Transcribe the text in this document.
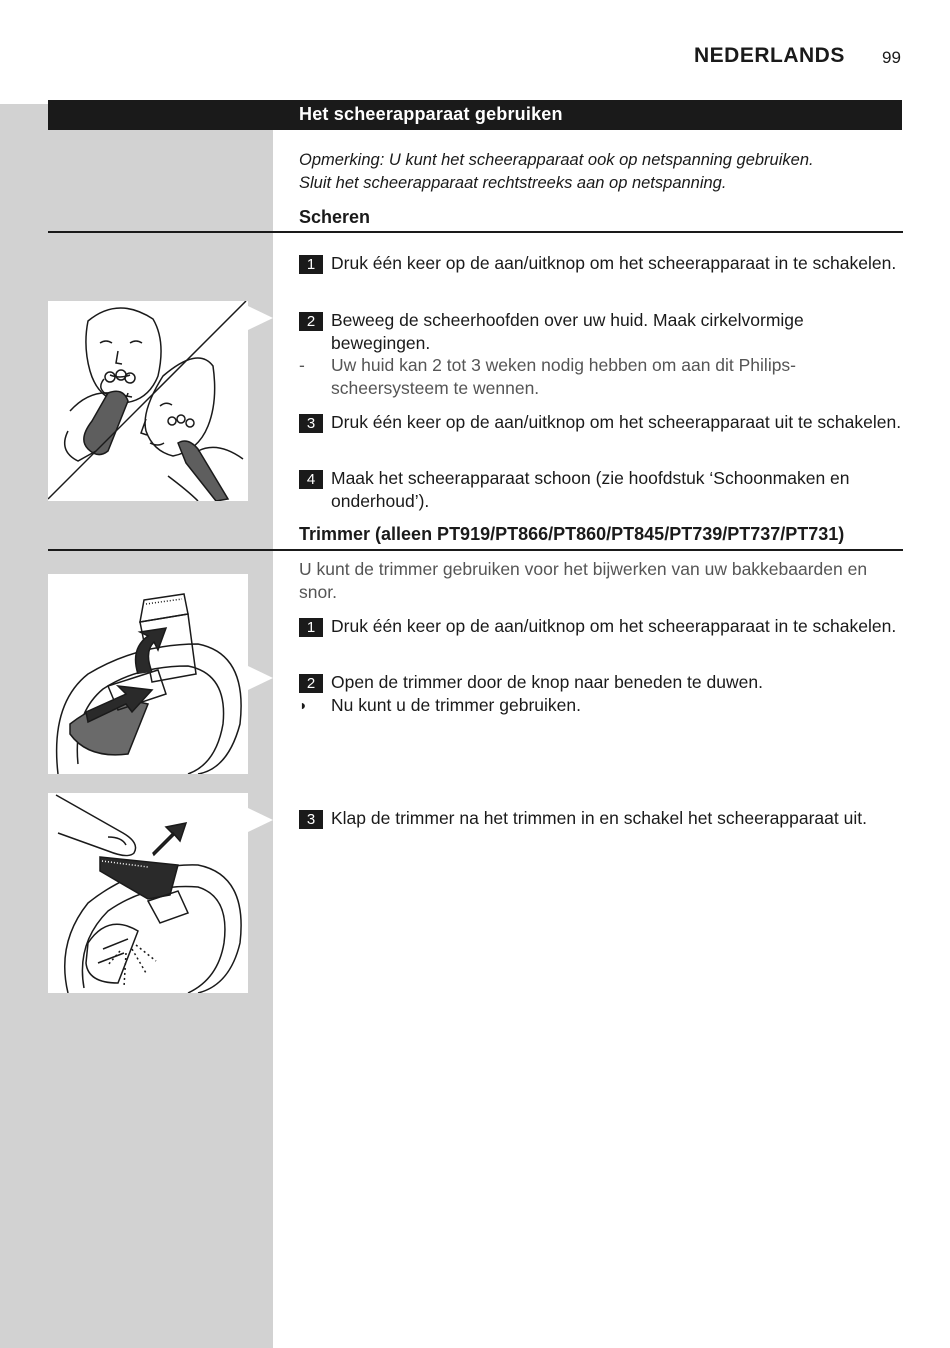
NEDERLANDS 99
Het scheerapparaat gebruiken
Opmerking: U kunt het scheerapparaat ook op netspanning gebruiken.
Sluit het scheerapparaat rechtstreeks aan op netspanning.
Scheren
1 Druk één keer op de aan/uitknop om het scheerapparaat in te schakelen.
2 Beweeg de scheerhoofden over uw huid. Maak cirkelvormige bewegingen.
- Uw huid kan 2 tot 3 weken nodig hebben om aan dit Philips-scheersysteem te wennen.
3 Druk één keer op de aan/uitknop om het scheerapparaat uit te schakelen.
4 Maak het scheerapparaat schoon (zie hoofdstuk ‘Schoonmaken en onderhoud’).
Trimmer (alleen PT919/PT866/PT860/PT845/PT739/PT737/PT731)
U kunt de trimmer gebruiken voor het bijwerken van uw bakkebaarden en snor.
1 Druk één keer op de aan/uitknop om het scheerapparaat in te schakelen.
2 Open de trimmer door de knop naar beneden te duwen.
◗ Nu kunt u de trimmer gebruiken.
3 Klap de trimmer na het trimmen in en schakel het scheerapparaat uit.
